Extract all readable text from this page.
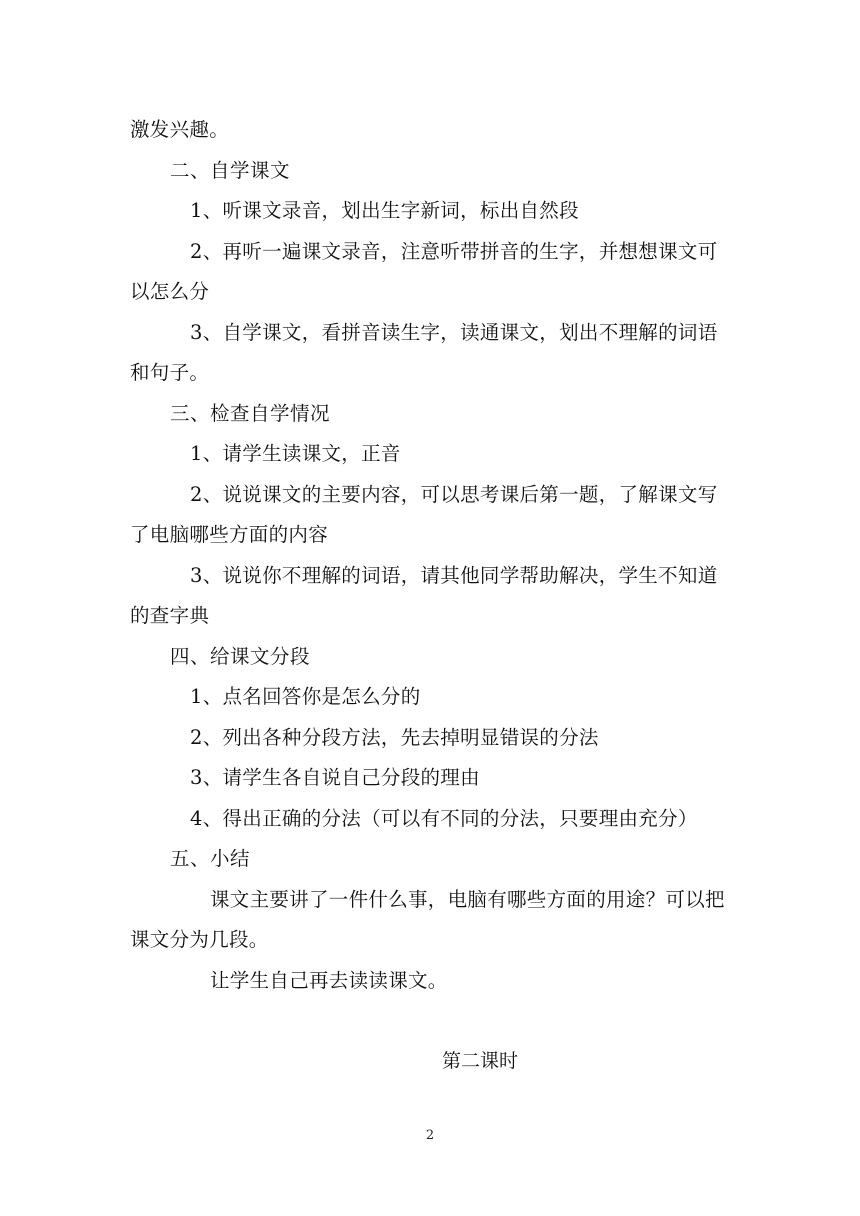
激发兴趣。
二、自学课文
1、听课文录音，划出生字新词，标出自然段
2、再听一遍课文录音，注意听带拼音的生字，并想想课文可
以怎么分
3、自学课文，看拼音读生字，读通课文，划出不理解的词语
和句子。
三、检查自学情况
1、请学生读课文，正音
2、说说课文的主要内容，可以思考课后第一题，了解课文写
了电脑哪些方面的内容
3、说说你不理解的词语，请其他同学帮助解决，学生不知道
的查字典
四、给课文分段
1、点名回答你是怎么分的
2、列出各种分段方法，先去掉明显错误的分法
3、请学生各自说自己分段的理由
4、得出正确的分法（可以有不同的分法，只要理由充分）
五、小结
课文主要讲了一件什么事，电脑有哪些方面的用途？可以把
课文分为几段。
让学生自己再去读读课文。
第二课时
2
